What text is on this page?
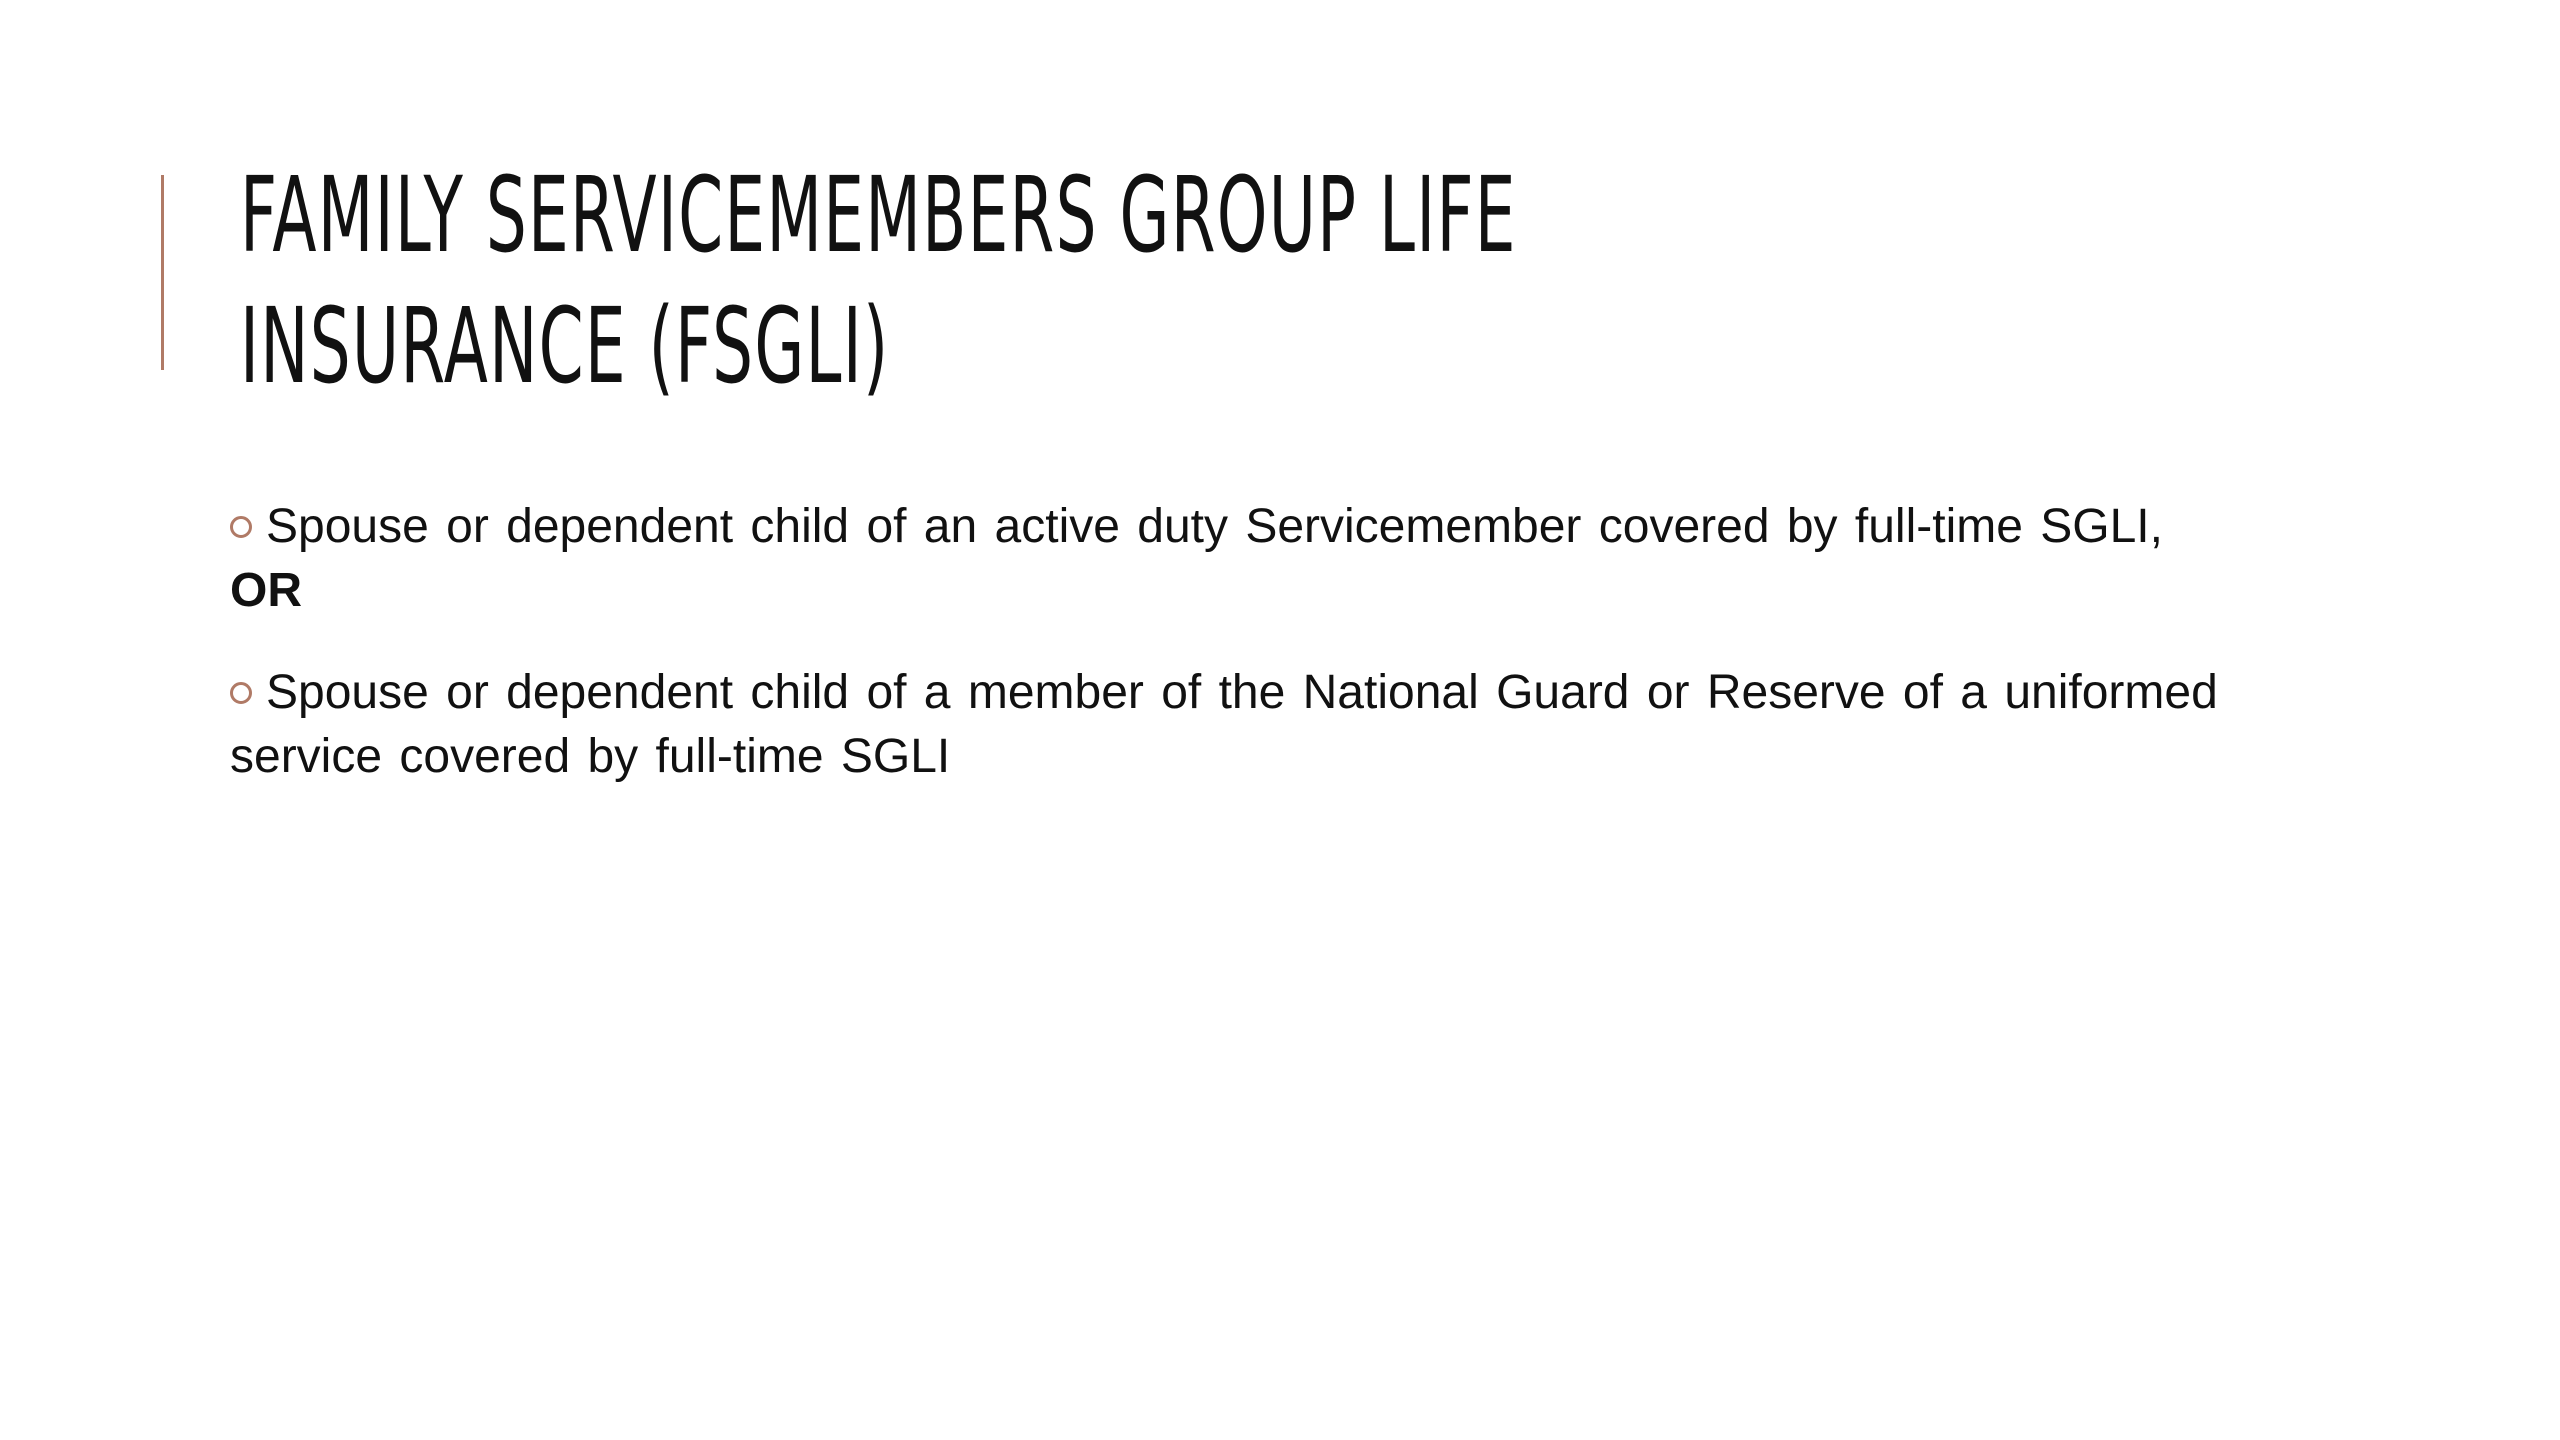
FAMILY SERVICEMEMBERS GROUP LIFE
INSURANCE (FSGLI)
Spouse or dependent child of an active duty Servicemember covered by full-time SGLI, OR
Spouse or dependent child of a member of the National Guard or Reserve of a uniformed service covered by full-time SGLI
